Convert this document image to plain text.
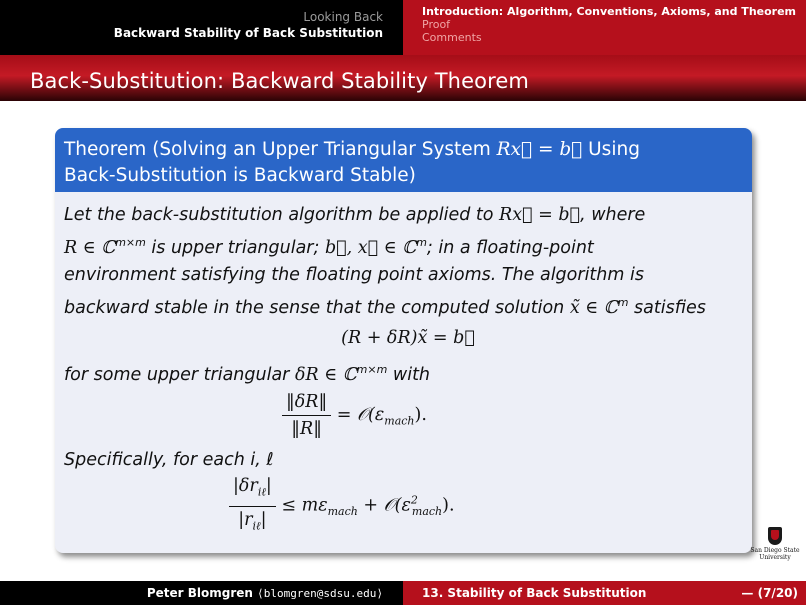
Looking Back
Backward Stability of Back Substitution
Introduction: Algorithm, Conventions, Axioms, and Theorem
Proof
Comments
Back-Substitution: Backward Stability Theorem
Theorem (Solving an Upper Triangular System Rx⃗ = b⃗ Using
Back-Substitution is Backward Stable)
Let the back-substitution algorithm be applied to Rx⃗ = b⃗, where
R ∈ ℂ$^{m\times m}$ is upper triangular; b⃗, x⃗ ∈ ℂ$^m$; in a floating-point
environment satisfying the floating point axioms. The algorithm is
backward stable in the sense that the computed solution x̃ ∈ ℂ$^m$ satisfies
(R + δR)x̃ = b⃗
for some upper triangular δR ∈ ℂ$^{m\times m}$ with
$\frac{‖\delta R‖}{‖R‖}$ = $𝒪(\varepsilon_{mach})$.
Specifically, for each i, ℓ
$\frac{|\delta r_{i\ell}|}{|r_{i\ell}|} \le m\varepsilon_{mach}$ + $𝒪(\varepsilon^2_{mach})$.
San Diego State
University
Peter Blomgren ⟨blomgren@sdsu.edu⟩	13. Stability of Back Substitution	— (7/20)
